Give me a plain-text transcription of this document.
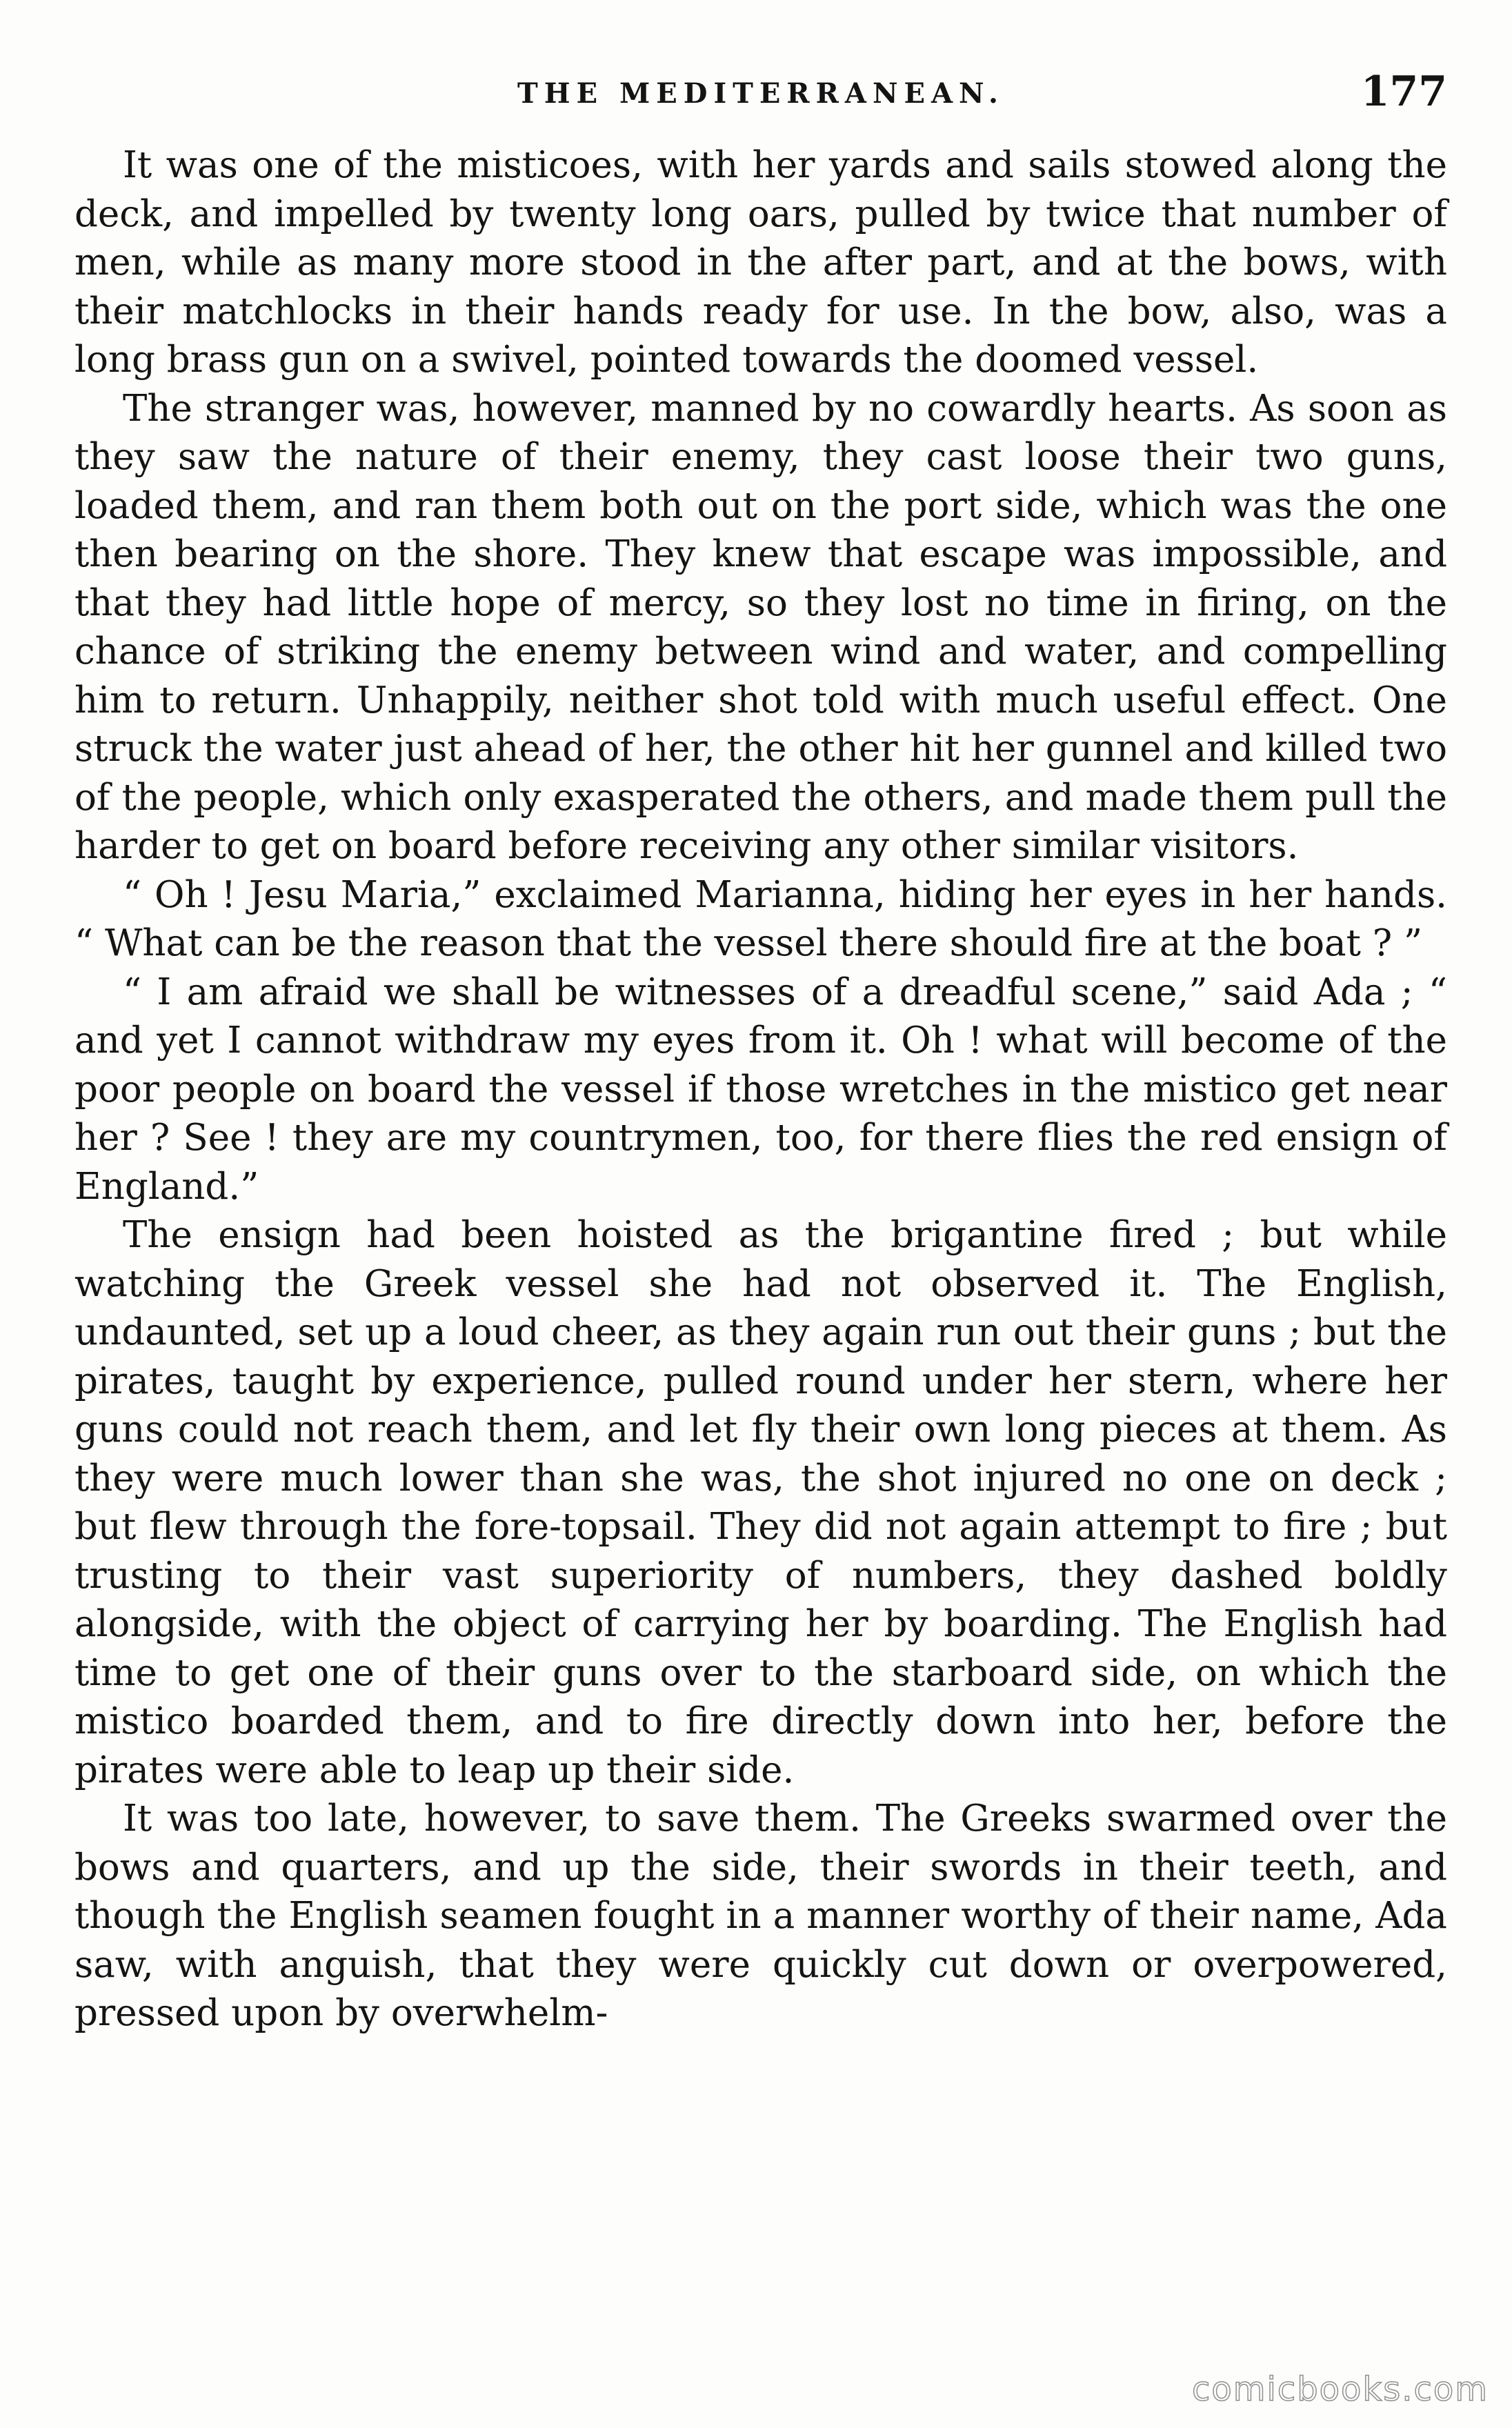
THE MEDITERRANEAN.	177

It was one of the misticoes, with her yards and sails stowed along the deck, and impelled by twenty long oars, pulled by twice that number of men, while as many more stood in the after part, and at the bows, with their matchlocks in their hands ready for use. In the bow, also, was a long brass gun on a swivel, pointed towards the doomed vessel.

The stranger was, however, manned by no cowardly hearts. As soon as they saw the nature of their enemy, they cast loose their two guns, loaded them, and ran them both out on the port side, which was the one then bearing on the shore. They knew that escape was impossible, and that they had little hope of mercy, so they lost no time in firing, on the chance of striking the enemy between wind and water, and compelling him to return. Unhappily, neither shot told with much useful effect. One struck the water just ahead of her, the other hit her gunnel and killed two of the people, which only exasperated the others, and made them pull the harder to get on board before receiving any other similar visitors.

“ Oh ! Jesu Maria,” exclaimed Marianna, hiding her eyes in her hands. “ What can be the reason that the vessel there should fire at the boat ? ”

“ I am afraid we shall be witnesses of a dreadful scene,” said Ada ; “ and yet I cannot withdraw my eyes from it. Oh ! what will become of the poor people on board the vessel if those wretches in the mistico get near her ? See ! they are my countrymen, too, for there flies the red ensign of England.”

The ensign had been hoisted as the brigantine fired ; but while watching the Greek vessel she had not observed it. The English, undaunted, set up a loud cheer, as they again run out their guns ; but the pirates, taught by experience, pulled round under her stern, where her guns could not reach them, and let fly their own long pieces at them. As they were much lower than she was, the shot injured no one on deck ; but flew through the fore-topsail. They did not again attempt to fire ; but trusting to their vast superiority of numbers, they dashed boldly alongside, with the object of carrying her by boarding. The English had time to get one of their guns over to the starboard side, on which the mistico boarded them, and to fire directly down into her, before the pirates were able to leap up their side.

It was too late, however, to save them. The Greeks swarmed over the bows and quarters, and up the side, their swords in their teeth, and though the English seamen fought in a manner worthy of their name, Ada saw, with anguish, that they were quickly cut down or overpowered, pressed upon by overwhelm-

comicbooks.com
